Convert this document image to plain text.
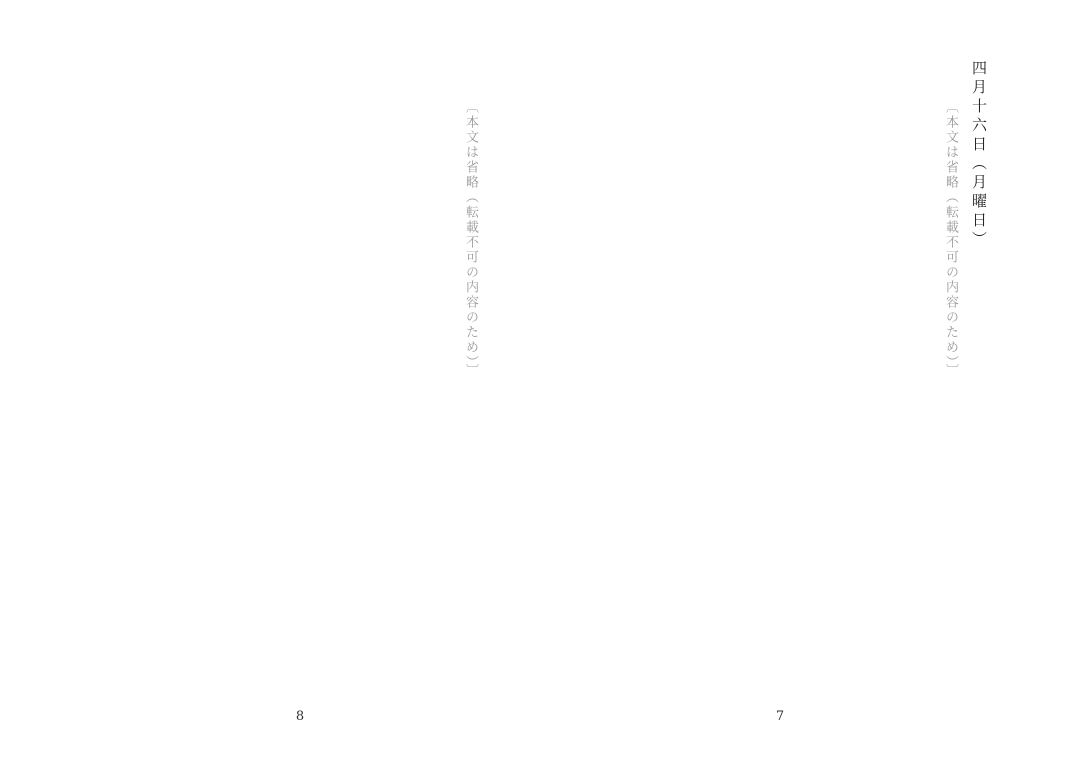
四月十六日（月曜日）
〔本文は省略（転載不可の内容のため）〕
7
〔本文は省略（転載不可の内容のため）〕
8
